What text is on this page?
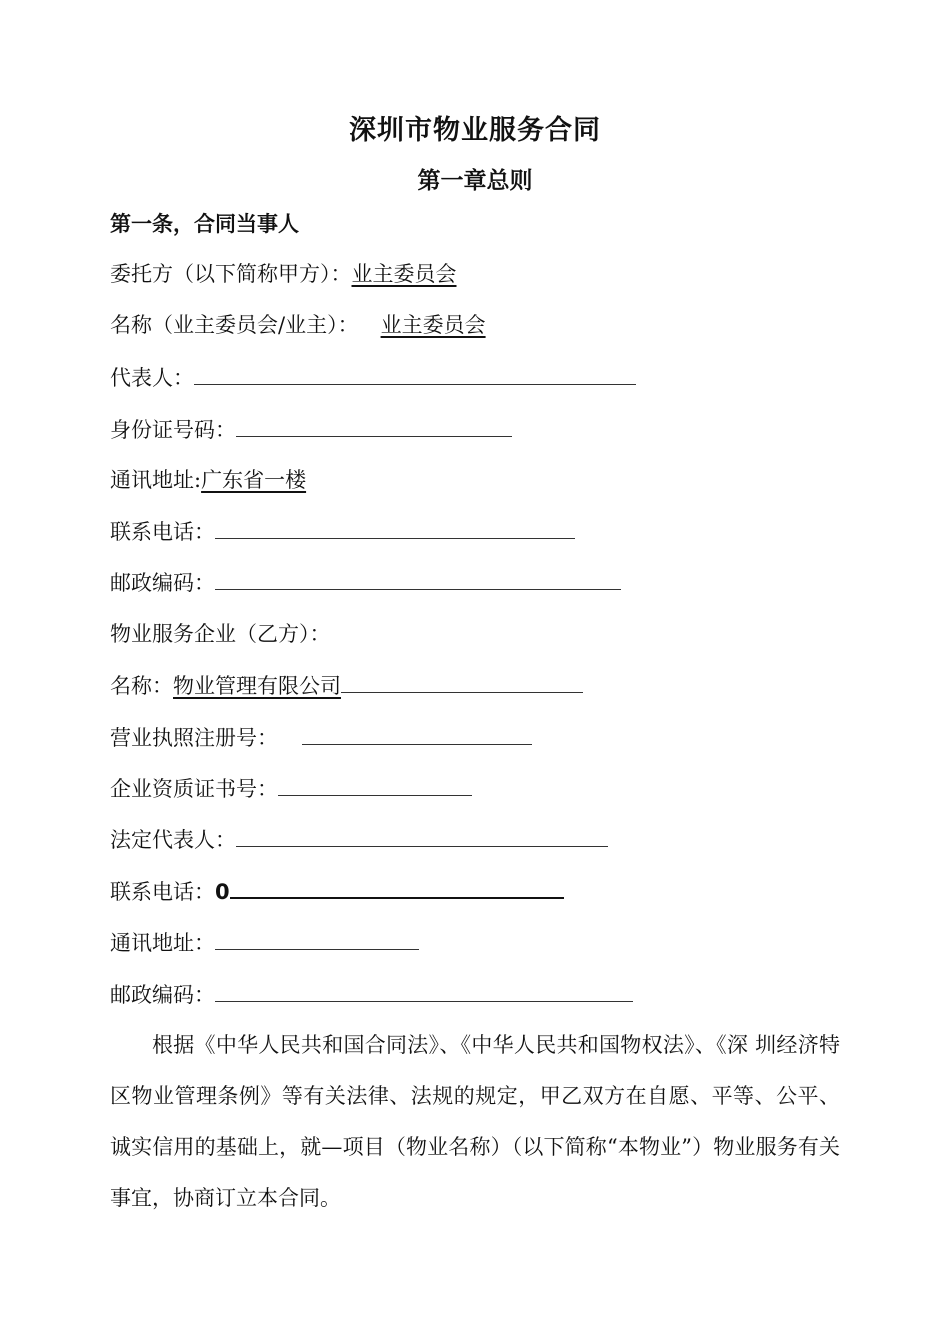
深圳市物业服务合同
第一章总则
第一条，合同当事人
委托方（以下简称甲方）：业主委员会
名称（业主委员会/业主）： 业主委员会
代表人：
身份证号码：
通讯地址:广东省一楼
联系电话：
邮政编码：
物业服务企业（乙方）：
名称：物业管理有限公司
营业执照注册号：
企业资质证书号：
法定代表人：
联系电话：0
通讯地址：
邮政编码：
根据《中华人民共和国合同法》、《中华人民共和国物权法》、《深 圳经济特区物业管理条例》等有关法律、法规的规定，甲乙双方在自愿、平等、公平、诚实信用的基础上，就—项目（物业名称）（以下简称“本物业”）物业服务有关事宜，协商订立本合同。
